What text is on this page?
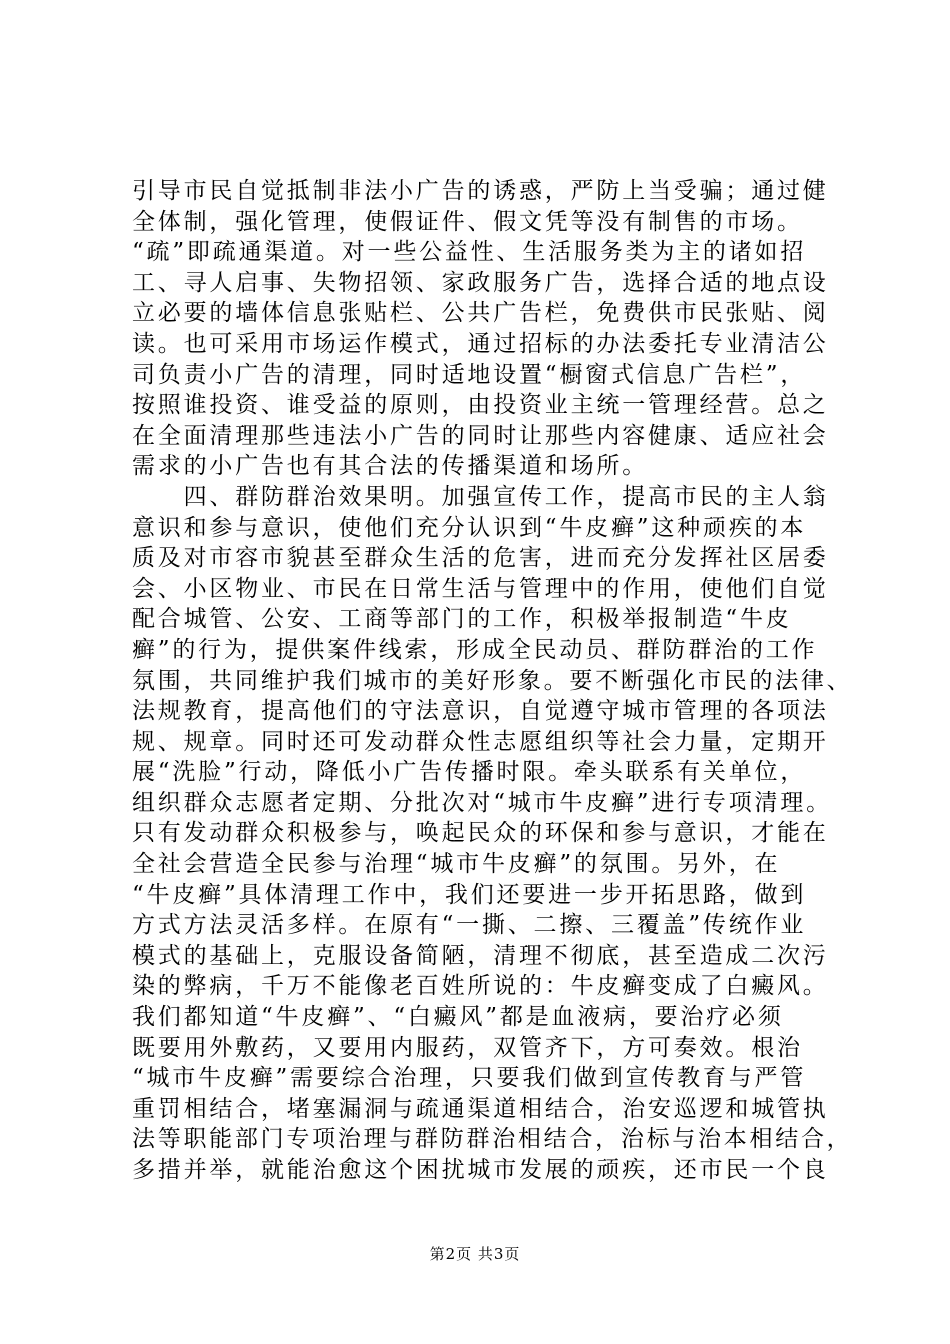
引导市民自觉抵制非法小广告的诱惑，严防上当受骗；通过健
全体制，强化管理，使假证件、假文凭等没有制售的市场。
“疏”即疏通渠道。对一些公益性、生活服务类为主的诸如招
工、寻人启事、失物招领、家政服务广告，选择合适的地点设
立必要的墙体信息张贴栏、公共广告栏，免费供市民张贴、阅
读。也可采用市场运作模式，通过招标的办法委托专业清洁公
司负责小广告的清理，同时适地设置“橱窗式信息广告栏”，
按照谁投资、谁受益的原则，由投资业主统一管理经营。总之
在全面清理那些违法小广告的同时让那些内容健康、适应社会
需求的小广告也有其合法的传播渠道和场所。
　　四、群防群治效果明。加强宣传工作，提高市民的主人翁
意识和参与意识，使他们充分认识到“牛皮癣”这种顽疾的本
质及对市容市貌甚至群众生活的危害，进而充分发挥社区居委
会、小区物业、市民在日常生活与管理中的作用，使他们自觉
配合城管、公安、工商等部门的工作，积极举报制造“牛皮
癣”的行为，提供案件线索，形成全民动员、群防群治的工作
氛围，共同维护我们城市的美好形象。要不断强化市民的法律、
法规教育，提高他们的守法意识，自觉遵守城市管理的各项法
规、规章。同时还可发动群众性志愿组织等社会力量，定期开
展“洗脸”行动，降低小广告传播时限。牵头联系有关单位，
组织群众志愿者定期、分批次对“城市牛皮癣”进行专项清理。
只有发动群众积极参与，唤起民众的环保和参与意识，才能在
全社会营造全民参与治理“城市牛皮癣”的氛围。另外，在
“牛皮癣”具体清理工作中，我们还要进一步开拓思路，做到
方式方法灵活多样。在原有“一撕、二擦、三覆盖”传统作业
模式的基础上，克服设备简陋，清理不彻底，甚至造成二次污
染的弊病，千万不能像老百姓所说的：牛皮癣变成了白癜风。
我们都知道“牛皮癣”、“白癜风”都是血液病，要治疗必须
既要用外敷药，又要用内服药，双管齐下，方可奏效。根治
“城市牛皮癣”需要综合治理，只要我们做到宣传教育与严管
重罚相结合，堵塞漏洞与疏通渠道相结合，治安巡逻和城管执
法等职能部门专项治理与群防群治相结合，治标与治本相结合，
多措并举，就能治愈这个困扰城市发展的顽疾，还市民一个良
第2页 共3页
